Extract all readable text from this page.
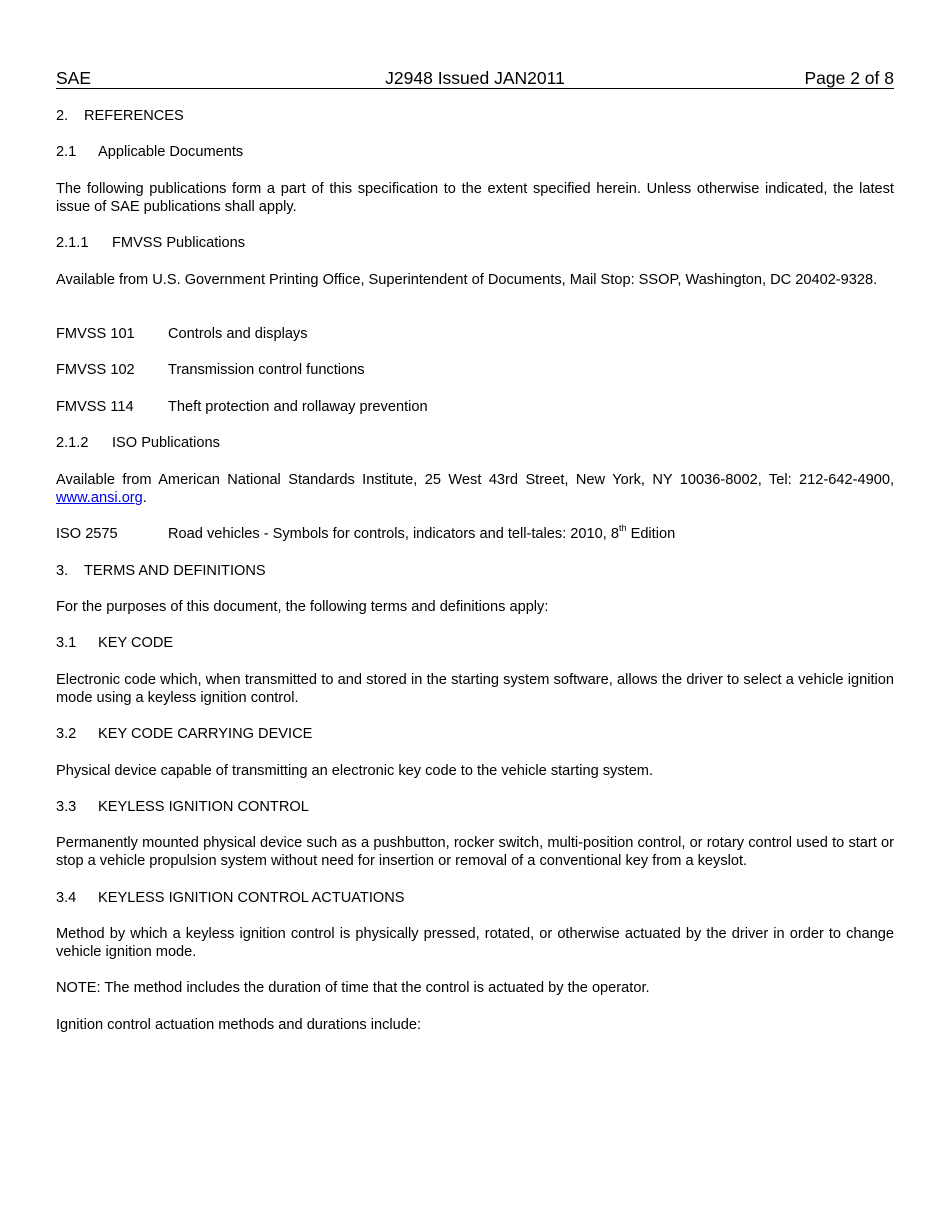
SAE	J2948 Issued JAN2011	Page 2 of 8

2. REFERENCES

2.1 Applicable Documents

The following publications form a part of this specification to the extent specified herein. Unless otherwise indicated, the latest issue of SAE publications shall apply.

2.1.1 FMVSS Publications

Available from U.S. Government Printing Office, Superintendent of Documents, Mail Stop: SSOP, Washington, DC 20402-9328.

FMVSS 101 Controls and displays

FMVSS 102 Transmission control functions

FMVSS 114 Theft protection and rollaway prevention

2.1.2 ISO Publications

Available from American National Standards Institute, 25 West 43rd Street, New York, NY 10036-8002, Tel: 212-642-4900, www.ansi.org.

ISO 2575	Road vehicles - Symbols for controls, indicators and tell-tales: 2010, 8th Edition

3. TERMS AND DEFINITIONS

For the purposes of this document, the following terms and definitions apply:

3.1 KEY CODE

Electronic code which, when transmitted to and stored in the starting system software, allows the driver to select a vehicle ignition mode using a keyless ignition control.

3.2 KEY CODE CARRYING DEVICE

Physical device capable of transmitting an electronic key code to the vehicle starting system.

3.3 KEYLESS IGNITION CONTROL

Permanently mounted physical device such as a pushbutton, rocker switch, multi-position control, or rotary control used to start or stop a vehicle propulsion system without need for insertion or removal of a conventional key from a keyslot.

3.4 KEYLESS IGNITION CONTROL ACTUATIONS

Method by which a keyless ignition control is physically pressed, rotated, or otherwise actuated by the driver in order to change vehicle ignition mode.

NOTE: The method includes the duration of time that the control is actuated by the operator.

Ignition control actuation methods and durations include:
